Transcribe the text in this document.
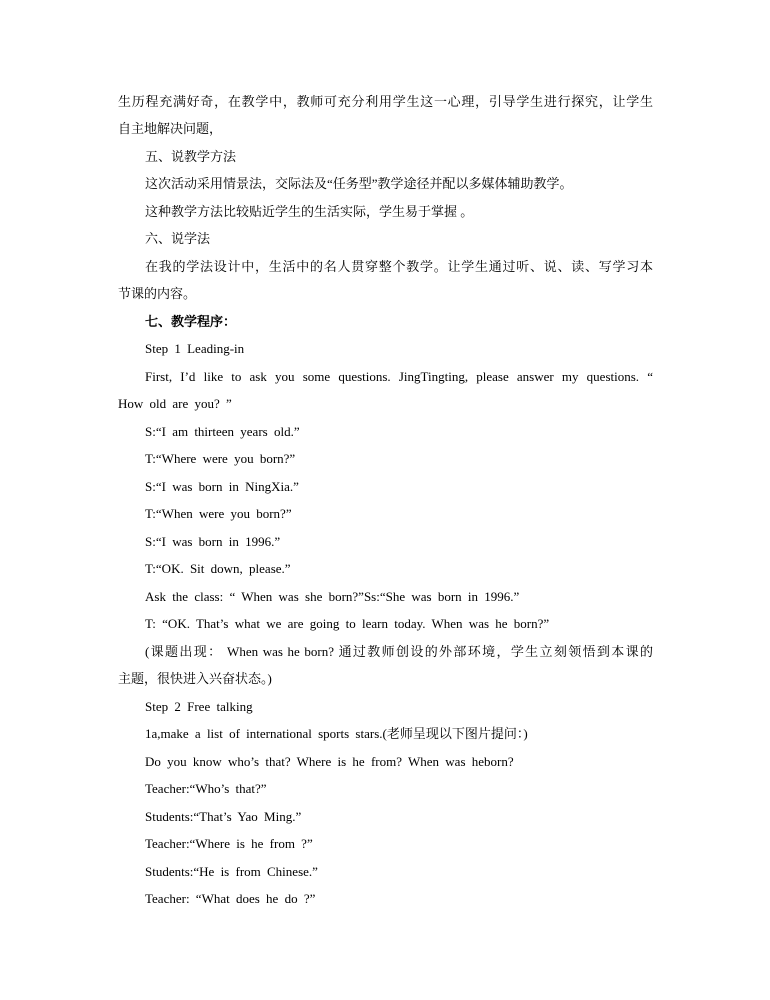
生历程充满好奇，在教学中，教师可充分利用学生这一心理，引导学生进行探究，让学生
自主地解决问题，
五、说教学方法
这次活动采用情景法，交际法及“任务型”教学途径并配以多媒体辅助教学。
这种教学方法比较贴近学生的生活实际，学生易于掌握 。
六、说学法
在我的学法设计中，生活中的名人贯穿整个教学。让学生通过听、说、读、写学习本
节课的内容。
七、教学程序：
Step 1 Leading-in
First, I’d like to ask you some questions. JingTingting, please answer my questions. “
How old are you? ”
S:“I am thirteen years old.”
T:“Where were you born?”
S:“I was born in NingXia.”
T:“When were you born?”
S:“I was born in 1996.”
T:“OK. Sit down, please.”
Ask the class: “ When was she born?”Ss:“She was born in 1996.”
T: “OK. That’s what we are going to learn today. When was he born?”
(课题出现： When was he born? 通过教师创设的外部环境，学生立刻领悟到本课的
主题，很快进入兴奋状态。)
Step 2 Free talking
1a,make a list of international sports stars.(老师呈现以下图片提问：)
Do you know who’s that? Where is he from? When was heborn?
Teacher:“Who’s that?”
Students:“That’s Yao Ming.”
Teacher:“Where is he from ?”
Students:“He is from Chinese.”
Teacher: “What does he do ?”
